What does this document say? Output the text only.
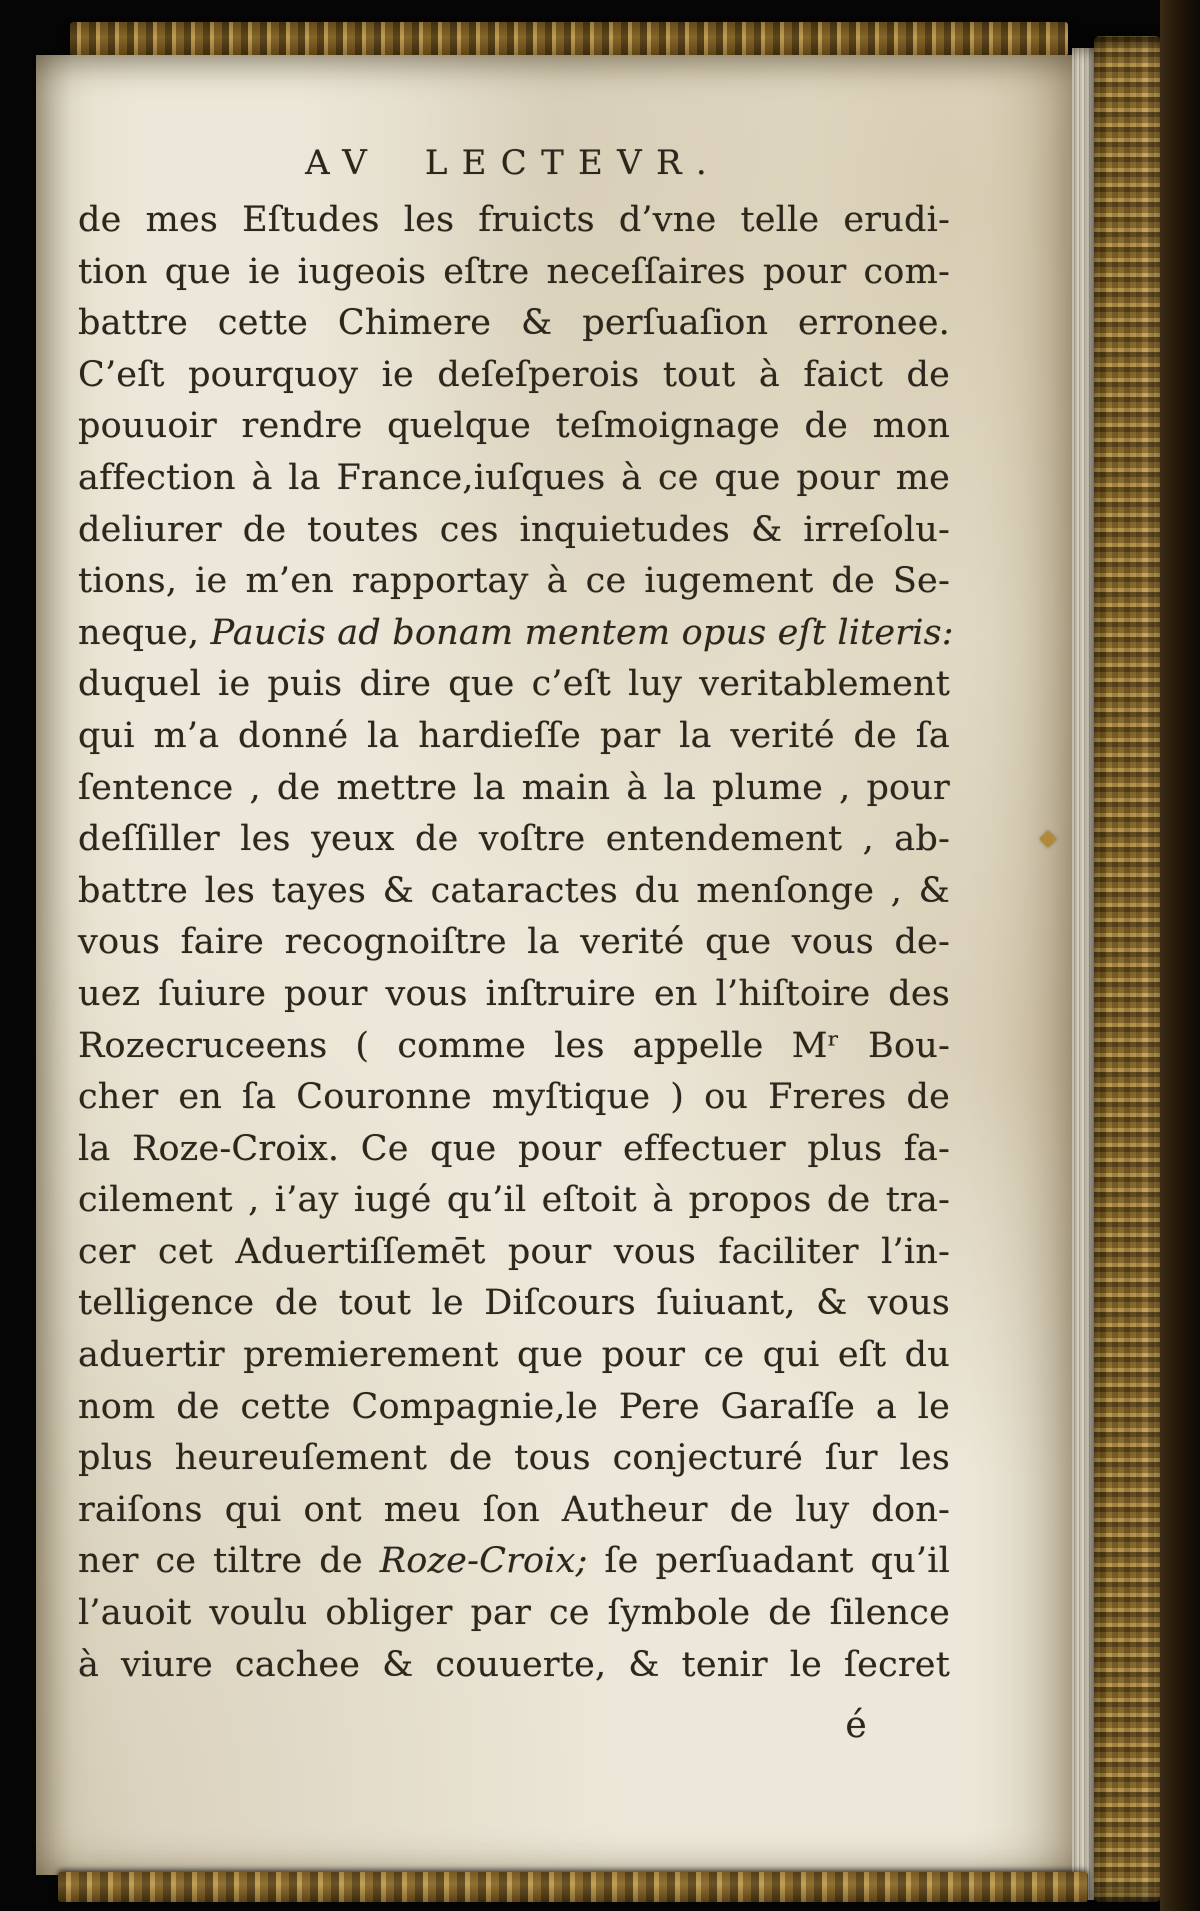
AV LECTEVR.
de mes Eſtudes les fruicts d’vne telle erudi-
tion que ie iugeois eſtre neceſſaires pour com-
battre cette Chimere & perſuaſion erronee.
C’eſt pourquoy ie deſeſperois tout à faict de
pouuoir rendre quelque teſmoignage de mon
affection à la France,iuſques à ce que pour me
deliurer de toutes ces inquietudes & irreſolu-
tions, ie m’en rapportay à ce iugement de Se-
neque, Paucis ad bonam mentem opus eſt literis:
duquel ie puis dire que c’eſt luy veritablement
qui m’a donné la hardieſſe par la verité de ſa
ſentence , de mettre la main à la plume , pour
deſſiller les yeux de voſtre entendement , ab-
battre les tayes & cataractes du menſonge , &
vous faire recognoiſtre la verité que vous de-
uez ſuiure pour vous inſtruire en l’hiſtoire des
Rozecruceens ( comme les appelle Mʳ Bou-
cher en ſa Couronne myſtique ) ou Freres de
la Roze-Croix. Ce que pour effectuer plus fa-
cilement , i’ay iugé qu’il eſtoit à propos de tra-
cer cet Aduertiſſemēt pour vous faciliter l’in-
telligence de tout le Diſcours ſuiuant, & vous
aduertir premierement que pour ce qui eſt du
nom de cette Compagnie,le Pere Garaſſe a le
plus heureuſement de tous conjecturé ſur les
raiſons qui ont meu ſon Autheur de luy don-
ner ce tiltre de Roze-Croix; ſe perſuadant qu’il
l’auoit voulu obliger par ce ſymbole de ſilence
à viure cachee & couuerte, & tenir le ſecret
é
